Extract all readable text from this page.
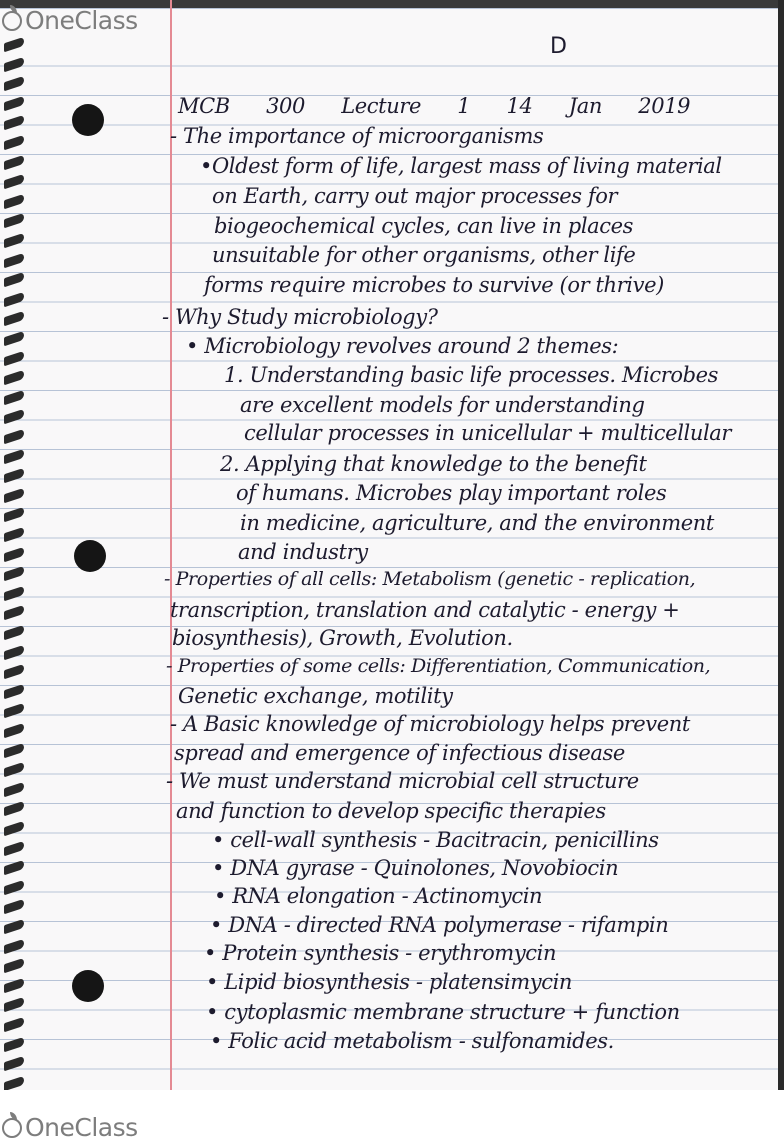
D
MCB 300 Lecture 1 14 Jan 2019
- The importance of microorganisms
•Oldest form of life, largest mass of living material
on Earth, carry out major processes for
biogeochemical cycles, can live in places
unsuitable for other organisms, other life
forms require microbes to survive (or thrive)
- Why Study microbiology?
• Microbiology revolves around 2 themes:
1. Understanding basic life processes. Microbes
are excellent models for understanding
cellular processes in unicellular + multicellular
2. Applying that knowledge to the benefit
of humans. Microbes play important roles
in medicine, agriculture, and the environment
and industry
- Properties of all cells: Metabolism (genetic - replication,
transcription, translation and catalytic - energy +
biosynthesis), Growth, Evolution.
- Properties of some cells: Differentiation, Communication,
Genetic exchange, motility
- A Basic knowledge of microbiology helps prevent
spread and emergence of infectious disease
- We must understand microbial cell structure
and function to develop specific therapies
• cell-wall synthesis - Bacitracin, penicillins
• DNA gyrase - Quinolones, Novobiocin
• RNA elongation - Actinomycin
• DNA - directed RNA polymerase - rifampin
• Protein synthesis - erythromycin
• Lipid biosynthesis - platensimycin
• cytoplasmic membrane structure + function
• Folic acid metabolism - sulfonamides.
OneClass
OneClass
